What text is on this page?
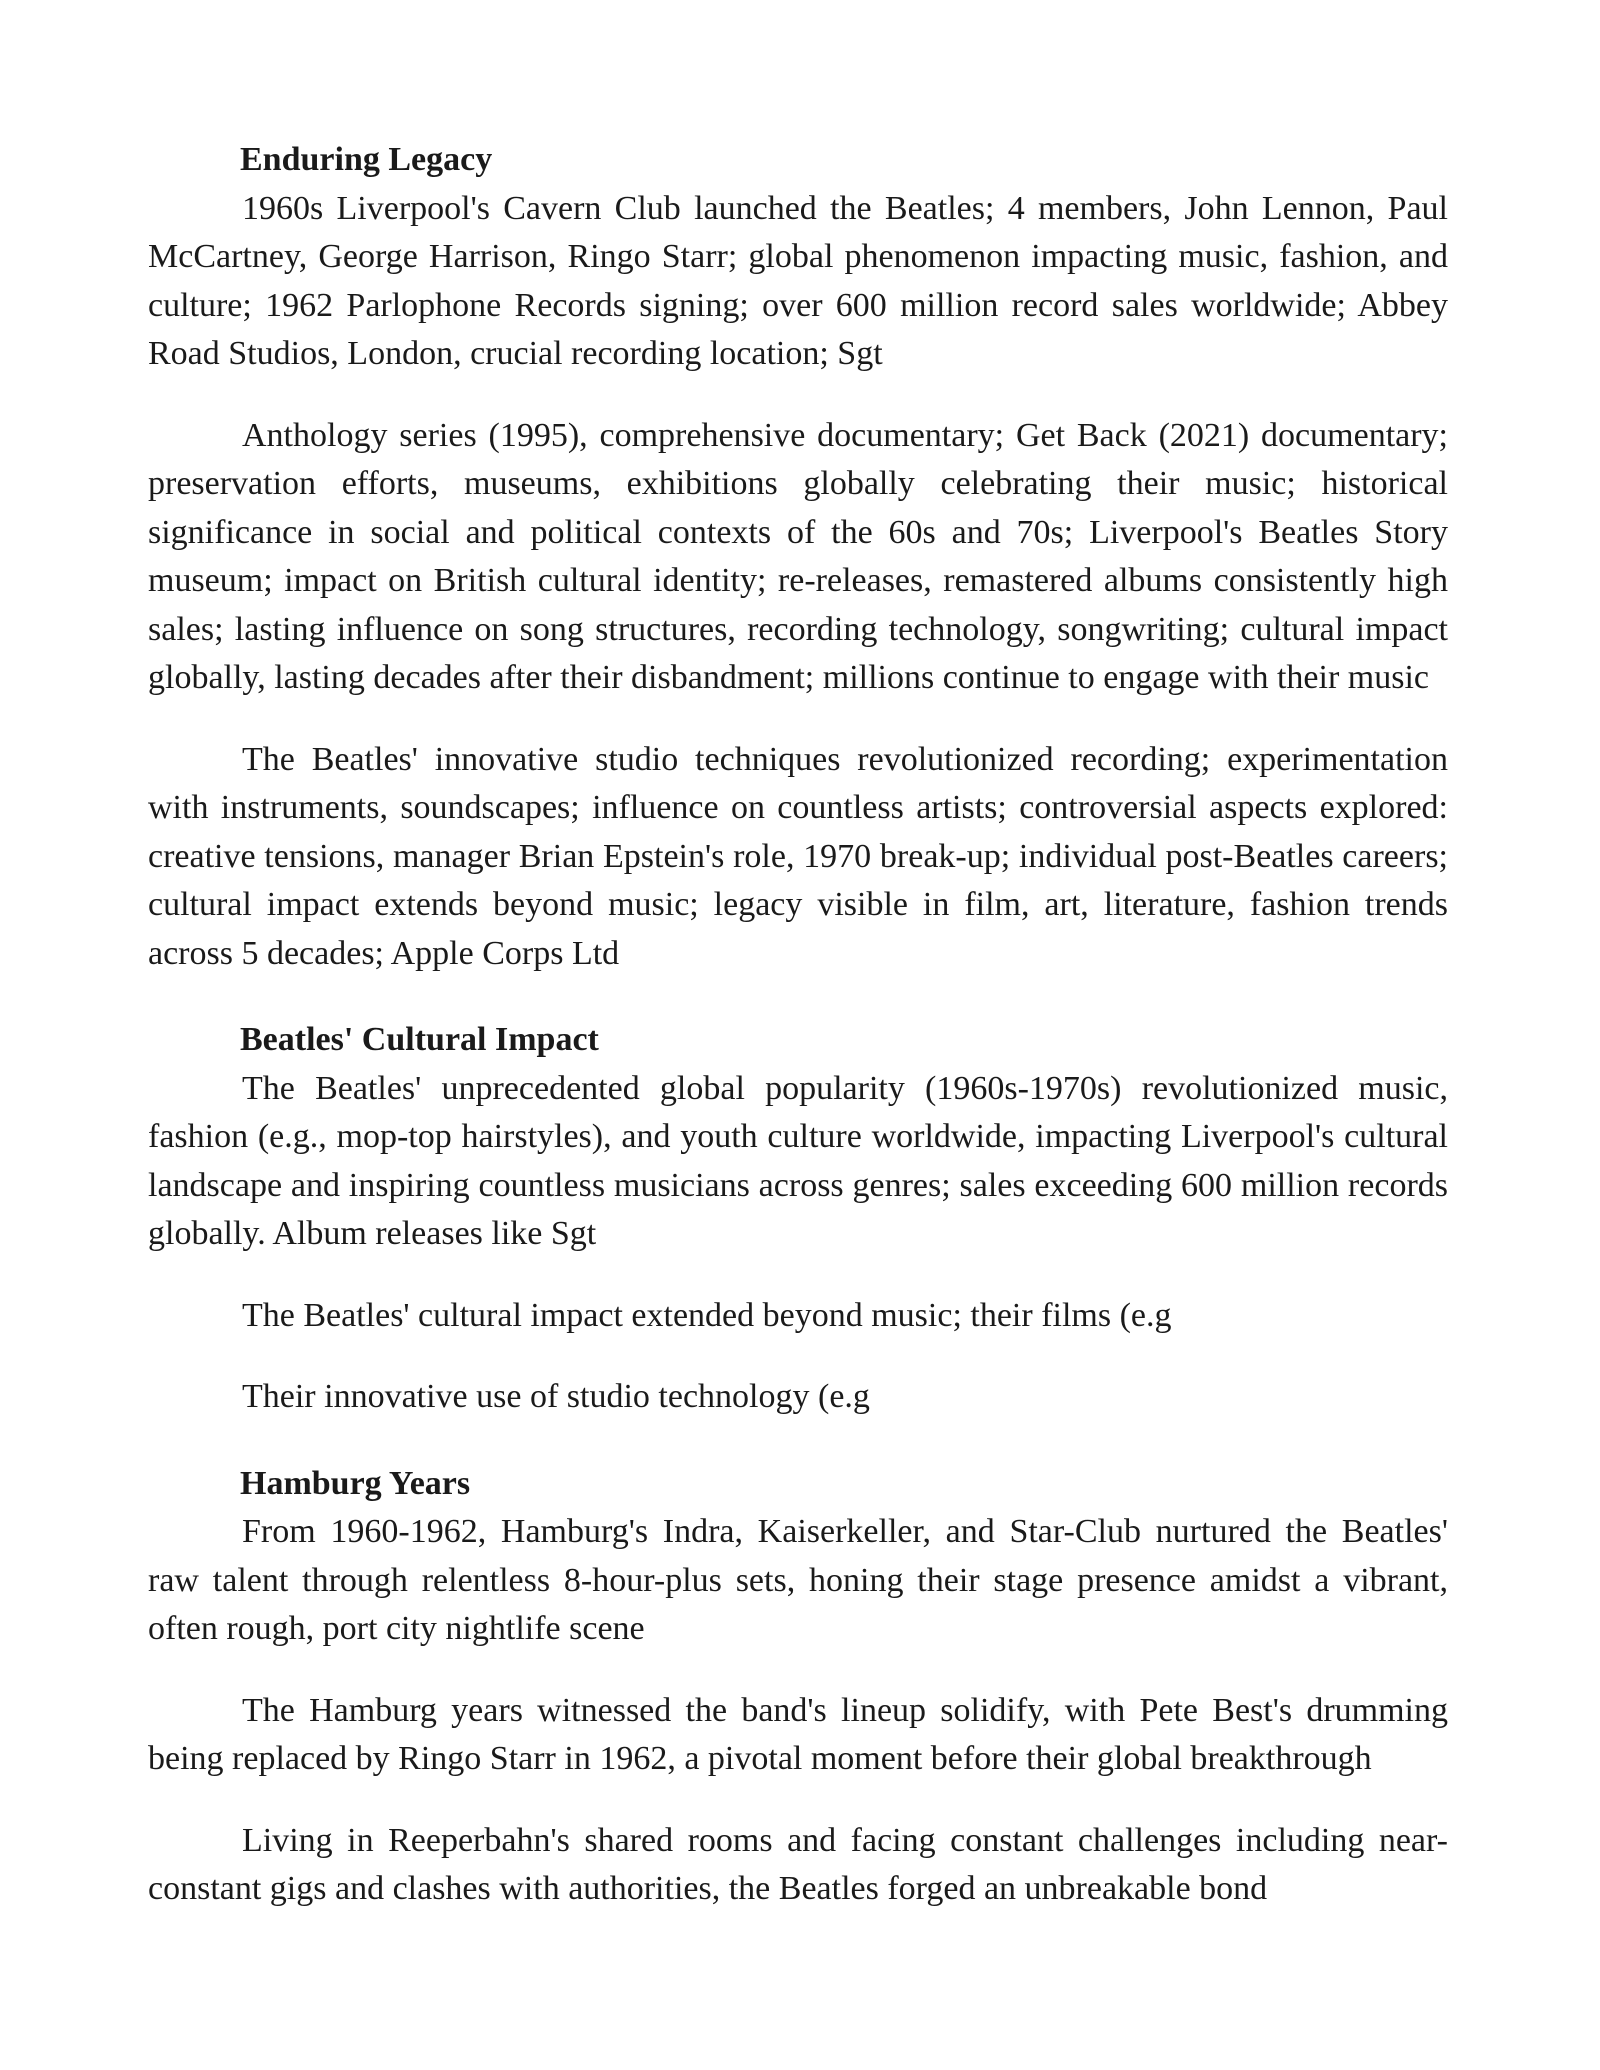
Enduring Legacy

1960s Liverpool's Cavern Club launched the Beatles; 4 members, John Lennon, Paul McCartney, George Harrison, Ringo Starr; global phenomenon impacting music, fashion, and culture; 1962 Parlophone Records signing; over 600 million record sales worldwide; Abbey Road Studios, London, crucial recording location; Sgt

Anthology series (1995), comprehensive documentary; Get Back (2021) documentary; preservation efforts, museums, exhibitions globally celebrating their music; historical significance in social and political contexts of the 60s and 70s; Liverpool's Beatles Story museum; impact on British cultural identity; re-releases, remastered albums consistently high sales; lasting influence on song structures, recording technology, songwriting; cultural impact globally, lasting decades after their disbandment; millions continue to engage with their music

The Beatles' innovative studio techniques revolutionized recording; experimentation with instruments, soundscapes; influence on countless artists; controversial aspects explored: creative tensions, manager Brian Epstein's role, 1970 break-up; individual post-Beatles careers; cultural impact extends beyond music; legacy visible in film, art, literature, fashion trends across 5 decades; Apple Corps Ltd

Beatles' Cultural Impact

The Beatles' unprecedented global popularity (1960s-1970s) revolutionized music, fashion (e.g., mop-top hairstyles), and youth culture worldwide, impacting Liverpool's cultural landscape and inspiring countless musicians across genres; sales exceeding 600 million records globally. Album releases like Sgt

The Beatles' cultural impact extended beyond music; their films (e.g

Their innovative use of studio technology (e.g

Hamburg Years

From 1960-1962, Hamburg's Indra, Kaiserkeller, and Star-Club nurtured the Beatles' raw talent through relentless 8-hour-plus sets, honing their stage presence amidst a vibrant, often rough, port city nightlife scene

The Hamburg years witnessed the band's lineup solidify, with Pete Best's drumming being replaced by Ringo Starr in 1962, a pivotal moment before their global breakthrough

Living in Reeperbahn's shared rooms and facing constant challenges including near-constant gigs and clashes with authorities, the Beatles forged an unbreakable bond
